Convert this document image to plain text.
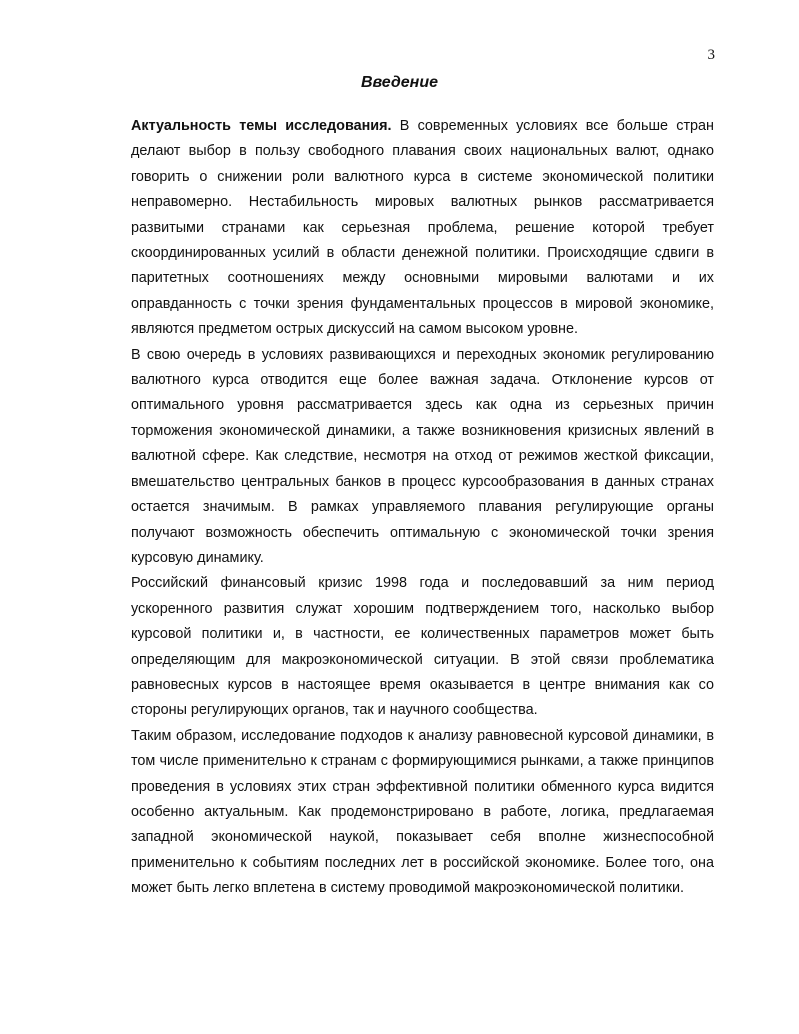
3
Введение

Актуальность темы исследования. В современных условиях все больше стран делают выбор в пользу свободного плавания своих национальных валют, однако говорить о снижении роли валютного курса в системе экономической политики неправомерно. Нестабильность мировых валютных рынков рассматривается развитыми странами как серьезная проблема, решение которой требует скоординированных усилий в области денежной политики. Происходящие сдвиги в паритетных соотношениях между основными мировыми валютами и их оправданность с точки зрения фундаментальных процессов в мировой экономике, являются предметом острых дискуссий на самом высоком уровне.

В свою очередь в условиях развивающихся и переходных экономик регулированию валютного курса отводится еще более важная задача. Отклонение курсов от оптимального уровня рассматривается здесь как одна из серьезных причин торможения экономической динамики, а также возникновения кризисных явлений в валютной сфере. Как следствие, несмотря на отход от режимов жесткой фиксации, вмешательство центральных банков в процесс курсообразования в данных странах остается значимым. В рамках управляемого плавания регулирующие органы получают возможность обеспечить оптимальную с экономической точки зрения курсовую динамику.

Российский финансовый кризис 1998 года и последовавший за ним период ускоренного развития служат хорошим подтверждением того, насколько выбор курсовой политики и, в частности, ее количественных параметров может быть определяющим для макроэкономической ситуации. В этой связи проблематика равновесных курсов в настоящее время оказывается в центре внимания как со стороны регулирующих органов, так и научного сообщества.

Таким образом, исследование подходов к анализу равновесной курсовой динамики, в том числе применительно к странам с формирующимися рынками, а также принципов проведения в условиях этих стран эффективной политики обменного курса видится особенно актуальным. Как продемонстрировано в работе, логика, предлагаемая западной экономической наукой, показывает себя вполне жизнеспособной применительно к событиям последних лет в российской экономике. Более того, она может быть легко вплетена в систему проводимой макроэкономической политики.
